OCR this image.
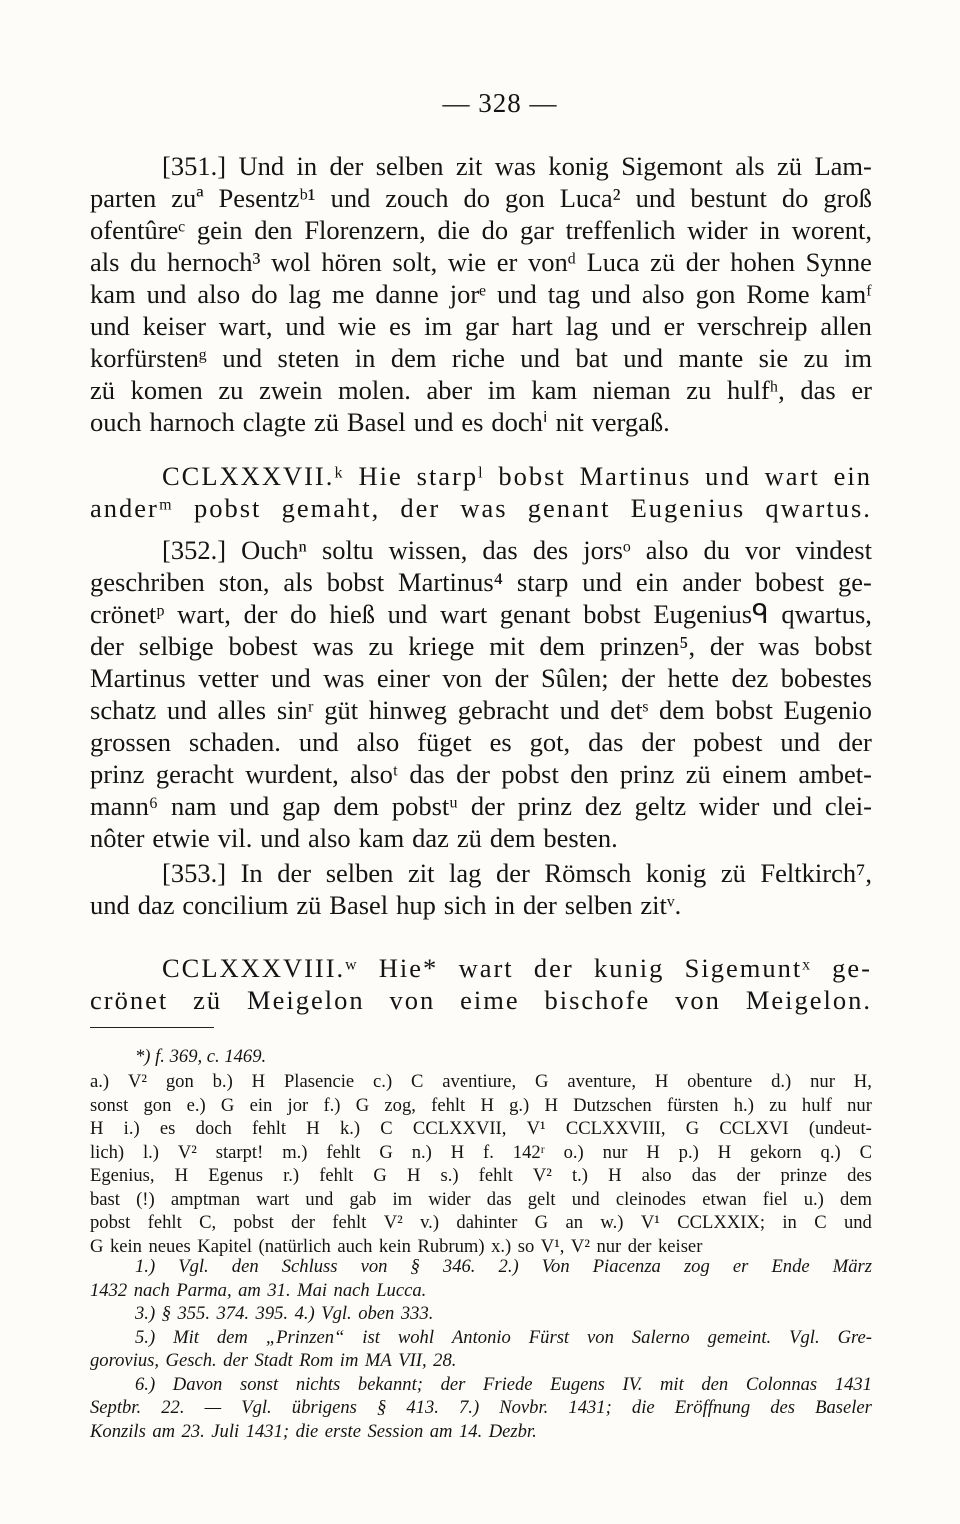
— 328 —
[351.] Und in der selben zit was konig Sigemont als zü Lam-
parten zuª Pesentzᵇ¹ und zouch do gon Luca² und bestunt do groß
ofentûreᶜ gein den Florenzern, die do gar treffenlich wider in worent,
als du hernoch³ wol hören solt, wie er vonᵈ Luca zü der hohen Synne
kam und also do lag me danne jorᵉ und tag und also gon Rome kamᶠ
und keiser wart, und wie es im gar hart lag und er verschreip allen
korfürstenᵍ und steten in dem riche und bat und mante sie zu im
zü komen zu zwein molen. aber im kam nieman zu hulfʰ, das er
ouch harnoch clagte zü Basel und es dochⁱ nit vergaß.
CCLXXXVII.ᵏ Hie starpˡ bobst Martinus und wart ein
anderᵐ pobst gemaht, der was genant Eugenius qwartus.
[352.] Ouchⁿ soltu wissen, das des jorsᵒ also du vor vindest
geschriben ston, als bobst Martinus⁴ starp und ein ander bobest ge-
crönetᵖ wart, der do hieß und wart genant bobst Eugeniusᑫ qwartus,
der selbige bobest was zu kriege mit dem prinzen⁵, der was bobst
Martinus vetter und was einer von der Sûlen; der hette dez bobestes
schatz und alles sinʳ güt hinweg gebracht und detˢ dem bobst Eugenio
grossen schaden. und also füget es got, das der pobest und der
prinz geracht wurdent, alsoᵗ das der pobst den prinz zü einem ambet-
mann⁶ nam und gap dem pobstᵘ der prinz dez geltz wider und clei-
nôter etwie vil. und also kam daz zü dem besten.
[353.] In der selben zit lag der Römsch konig zü Feltkirch⁷,
und daz concilium zü Basel hup sich in der selben zitᵛ.
CCLXXXVIII.ʷ Hie* wart der kunig Sigemuntˣ ge-
crönet zü Meigelon von eime bischofe von Meigelon.
*) f. 369, c. 1469.
a.) V² gon b.) H Plasencie c.) C aventiure, G aventure, H obenture d.) nur H,
sonst gon e.) G ein jor f.) G zog, fehlt H g.) H Dutzschen fürsten h.) zu hulf nur
H i.) es doch fehlt H k.) C CCLXXVII, V¹ CCLXXVIII, G CCLXVI (undeut-
lich) l.) V² starpt! m.) fehlt G n.) H f. 142ʳ o.) nur H p.) H gekorn q.) C
Egenius, H Egenus r.) fehlt G H s.) fehlt V² t.) H also das der prinze des
bast (!) amptman wart und gab im wider das gelt und cleinodes etwan fiel u.) dem
pobst fehlt C, pobst der fehlt V² v.) dahinter G an w.) V¹ CCLXXIX; in C und
G kein neues Kapitel (natürlich auch kein Rubrum) x.) so V¹, V² nur der keiser
1.) Vgl. den Schluss von § 346. 2.) Von Piacenza zog er Ende März
1432 nach Parma, am 31. Mai nach Lucca.
3.) § 355. 374. 395. 4.) Vgl. oben 333.
5.) Mit dem „Prinzen“ ist wohl Antonio Fürst von Salerno gemeint. Vgl. Gre-
gorovius, Gesch. der Stadt Rom im MA VII, 28.
6.) Davon sonst nichts bekannt; der Friede Eugens IV. mit den Colonnas 1431
Septbr. 22. — Vgl. übrigens § 413. 7.) Novbr. 1431; die Eröffnung des Baseler
Konzils am 23. Juli 1431; die erste Session am 14. Dezbr.
